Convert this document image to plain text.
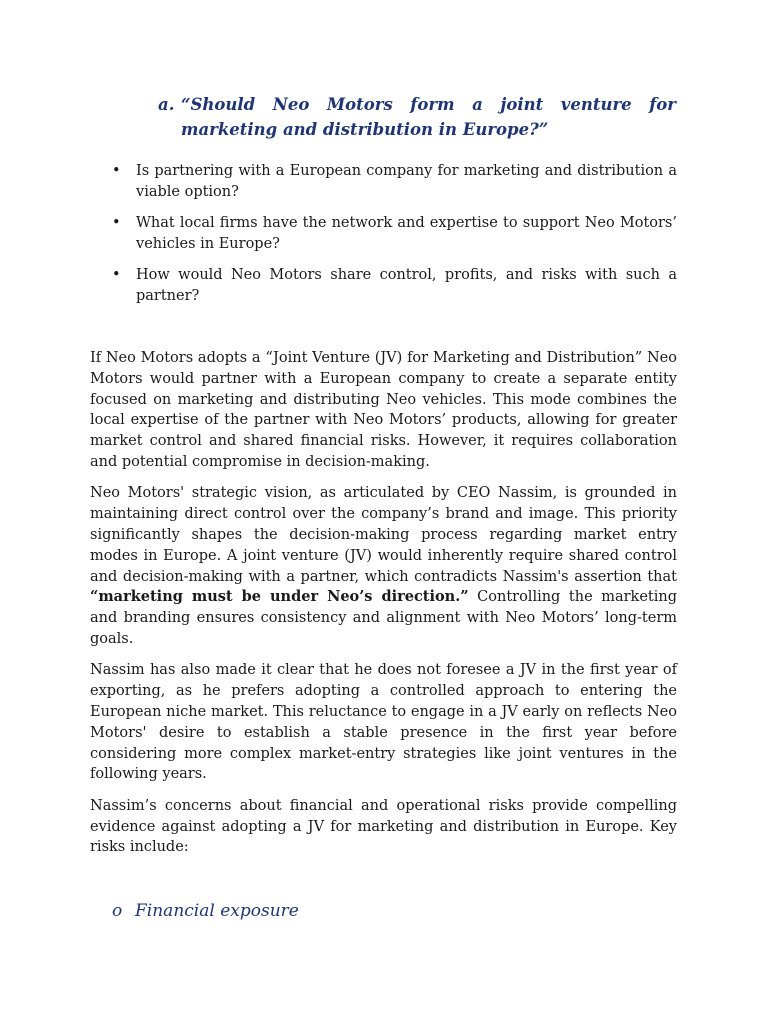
a. “Should Neo Motors form a joint venture for marketing and distribution in Europe?”
• Is partnering with a European company for marketing and distribution a viable option?
• What local firms have the network and expertise to support Neo Motors’ vehicles in Europe?
• How would Neo Motors share control, profits, and risks with such a partner?

If Neo Motors adopts a “Joint Venture (JV) for Marketing and Distribution” Neo Motors would partner with a European company to create a separate entity focused on marketing and distributing Neo vehicles. This mode combines the local expertise of the partner with Neo Motors’ products, allowing for greater market control and shared financial risks. However, it requires collaboration and potential compromise in decision-making.

Neo Motors' strategic vision, as articulated by CEO Nassim, is grounded in maintaining direct control over the company’s brand and image. This priority significantly shapes the decision-making process regarding market entry modes in Europe. A joint venture (JV) would inherently require shared control and decision-making with a partner, which contradicts Nassim's assertion that “marketing must be under Neo’s direction.” Controlling the marketing and branding ensures consistency and alignment with Neo Motors’ long-term goals.

Nassim has also made it clear that he does not foresee a JV in the first year of exporting, as he prefers adopting a controlled approach to entering the European niche market. This reluctance to engage in a JV early on reflects Neo Motors' desire to establish a stable presence in the first year before considering more complex market-entry strategies like joint ventures in the following years.

Nassim’s concerns about financial and operational risks provide compelling evidence against adopting a JV for marketing and distribution in Europe. Key risks include:

o Financial exposure
